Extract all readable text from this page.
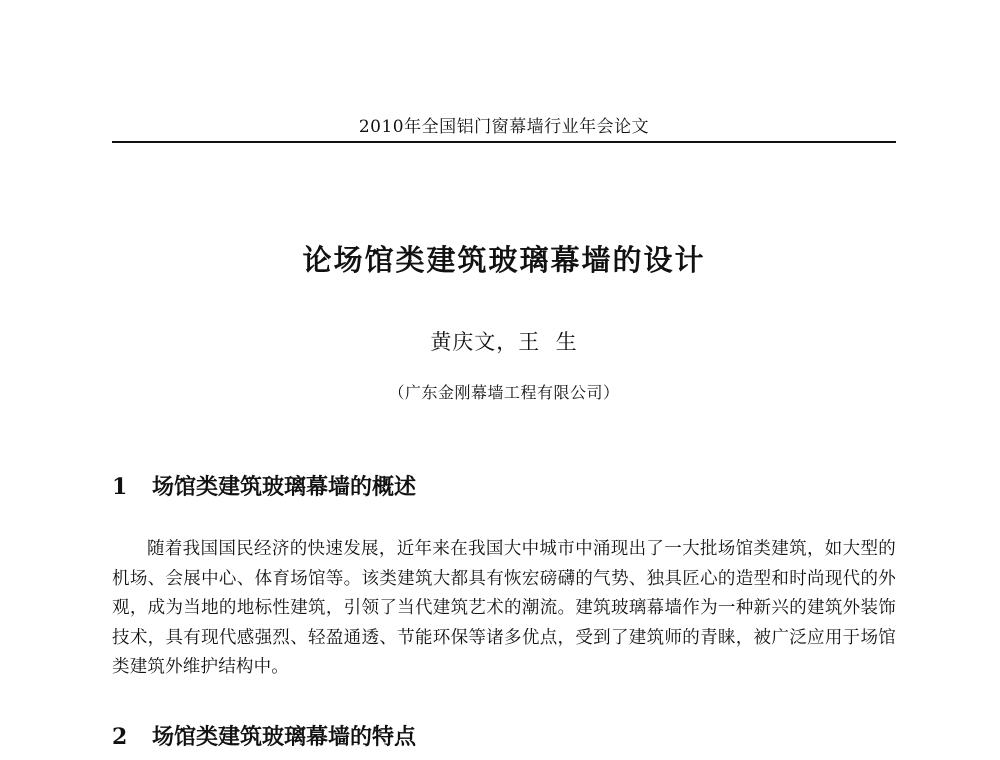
2010年全国铝门窗幕墙行业年会论文
论场馆类建筑玻璃幕墙的设计
黄庆文，王  生
（广东金刚幕墙工程有限公司）
1 场馆类建筑玻璃幕墙的概述
随着我国国民经济的快速发展，近年来在我国大中城市中涌现出了一大批场馆类建筑，如大型的机场、会展中心、体育场馆等。该类建筑大都具有恢宏磅礴的气势、独具匠心的造型和时尚现代的外观，成为当地的地标性建筑，引领了当代建筑艺术的潮流。建筑玻璃幕墙作为一种新兴的建筑外装饰技术，具有现代感强烈、轻盈通透、节能环保等诸多优点，受到了建筑师的青睐，被广泛应用于场馆类建筑外维护结构中。
2 场馆类建筑玻璃幕墙的特点
